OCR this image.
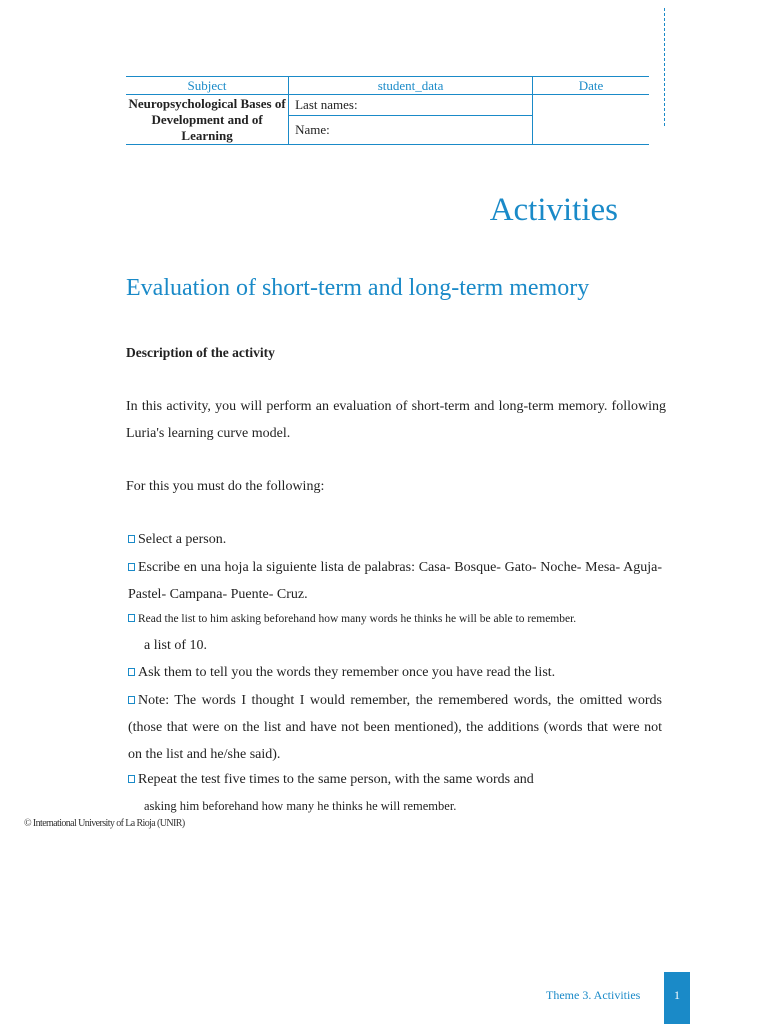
Subject	student_data	Date
Neuropsychological Bases of Development and of Learning	Last names:	
	Name:	
Activities
Evaluation of short-term and long-term memory

Description of the activity

In this activity, you will perform an evaluation of short-term and long-term memory. following Luria's learning curve model.

For this you must do the following:

Select a person.
Escribe en una hoja la siguiente lista de palabras: Casa- Bosque- Gato- Noche- Mesa- Aguja- Pastel- Campana- Puente- Cruz.
Read the list to him asking beforehand how many words he thinks he will be able to remember.
a list of 10.
Ask them to tell you the words they remember once you have read the list.
Note: The words I thought I would remember, the remembered words, the omitted words (those that were on the list and have not been mentioned), the additions (words that were not on the list and he/she said).
Repeat the test five times to the same person, with the same words and
asking him beforehand how many he thinks he will remember.

© International University of La Rioja (UNIR)

Theme 3. Activities	1
